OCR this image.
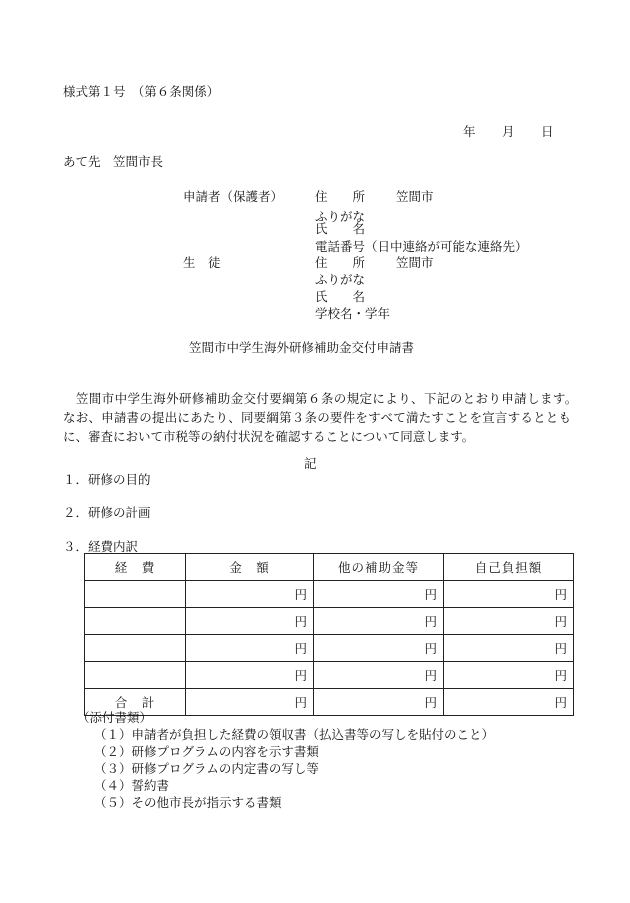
様式第１号　（第６条関係）
年 月 日
あて先　笠間市長
申請者（保護者）	住　　所 笠間市
ふりがな
氏　　名
電話番号（日中連絡が可能な連絡先）
生　徒	住　　所 笠間市
ふりがな
氏　　名
学校名・学年
笠間市中学生海外研修補助金交付申請書
　笠間市中学生海外研修補助金交付要綱第６条の規定により、下記のとおり申請します。　なお、申請書の提出にあたり、同要綱第３条の要件をすべて満たすことを宣言するとともに、審査において市税等の納付状況を確認することについて同意します。
記
１．研修の目的
２．研修の計画
３．経費内訳
経　費	金　額	他の補助金等	自己負担額
	円	円	円
	円	円	円
	円	円	円
	円	円	円
合　計	円	円	円
（添付書類）
（１）申請者が負担した経費の領収書（払込書等の写しを貼付のこと）
（２）研修プログラムの内容を示す書類
（３）研修プログラムの内定書の写し等
（４）誓約書
（５）その他市長が指示する書類
